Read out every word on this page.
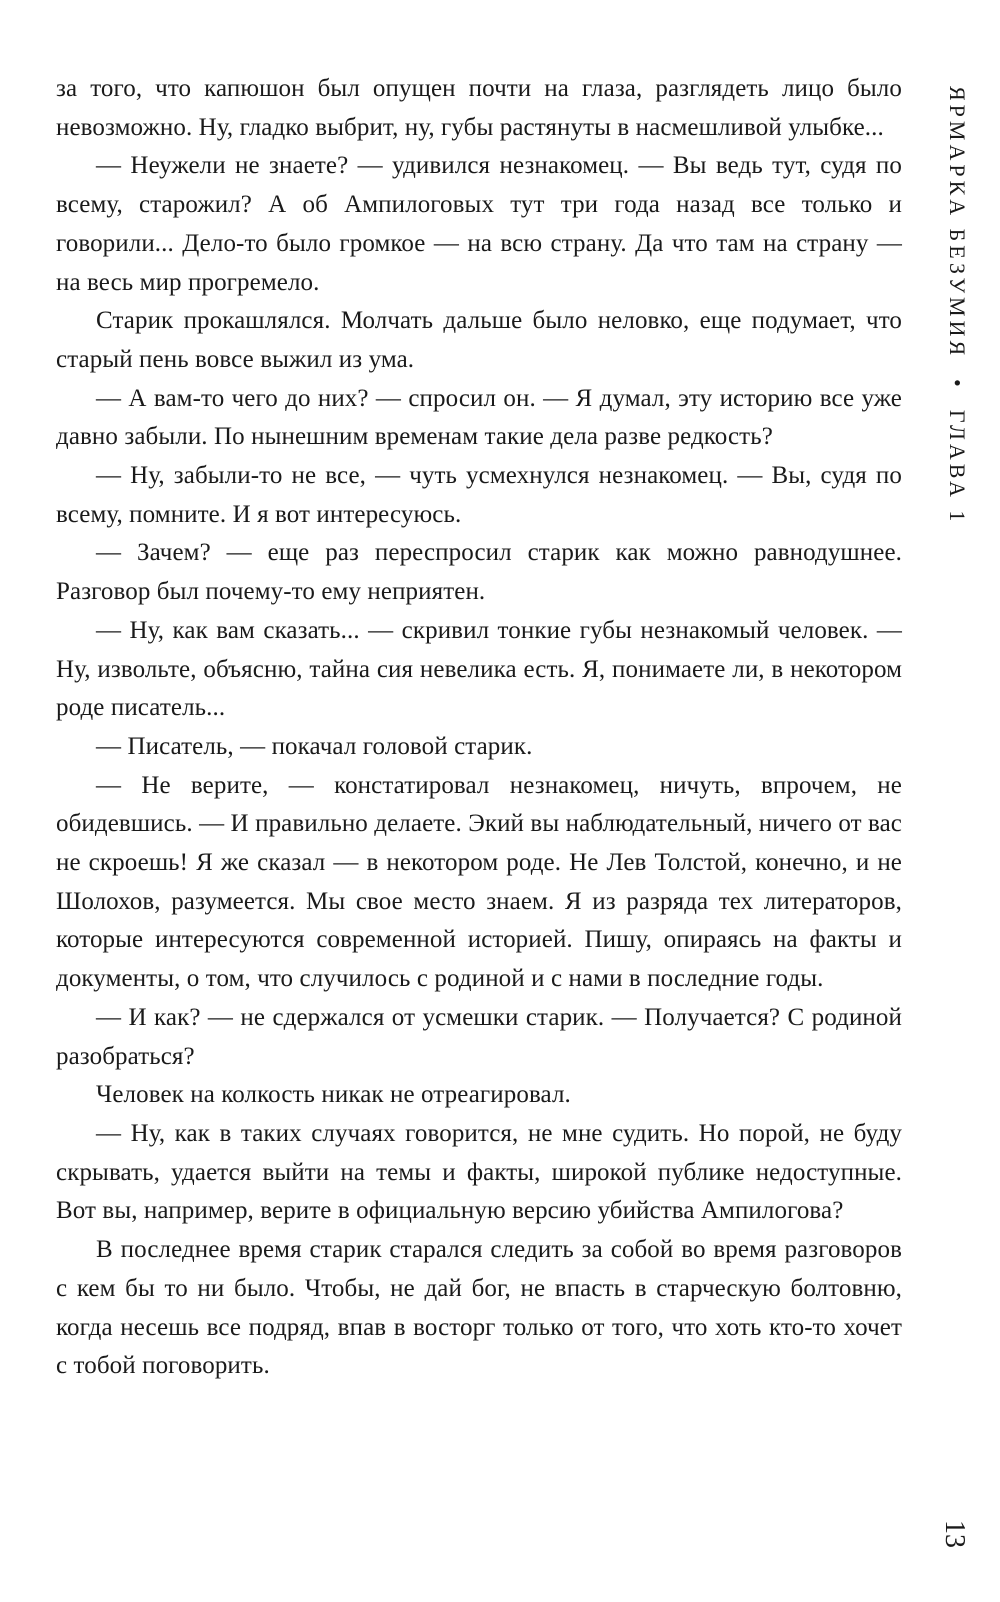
за того, что капюшон был опущен почти на глаза, разглядеть лицо было невозможно. Ну, гладко выбрит, ну, губы растянуты в насмешливой улыбке...

— Неужели не знаете? — удивился незнакомец. — Вы ведь тут, судя по всему, старожил? А об Ампилоговых тут три года назад все только и говорили... Дело-то было громкое — на всю страну. Да что там на страну — на весь мир прогремело.

Старик прокашлялся. Молчать дальше было неловко, еще подумает, что старый пень вовсе выжил из ума.

— А вам-то чего до них? — спросил он. — Я думал, эту историю все уже давно забыли. По нынешним временам такие дела разве редкость?

— Ну, забыли-то не все, — чуть усмехнулся незнакомец. — Вы, судя по всему, помните. И я вот интересуюсь.

— Зачем? — еще раз переспросил старик как можно равнодушнее. Разговор был почему-то ему неприятен.

— Ну, как вам сказать... — скривил тонкие губы незнакомый человек. — Ну, извольте, объясню, тайна сия невелика есть. Я, понимаете ли, в некотором роде писатель...

— Писатель, — покачал головой старик.

— Не верите, — констатировал незнакомец, ничуть, впрочем, не обидевшись. — И правильно делаете. Экий вы наблюдательный, ничего от вас не скроешь! Я же сказал — в некотором роде. Не Лев Толстой, конечно, и не Шолохов, разумеется. Мы свое место знаем. Я из разряда тех литераторов, которые интересуются современной историей. Пишу, опираясь на факты и документы, о том, что случилось с родиной и с нами в последние годы.

— И как? — не сдержался от усмешки старик. — Получается? С родиной разобраться?

Человек на колкость никак не отреагировал.

— Ну, как в таких случаях говорится, не мне судить. Но порой, не буду скрывать, удается выйти на темы и факты, широкой публике недоступные. Вот вы, например, верите в официальную версию убийства Ампилогова?

В последнее время старик старался следить за собой во время разговоров с кем бы то ни было. Чтобы, не дай бог, не впасть в старческую болтовню, когда несешь все подряд, впав в восторг только от того, что хоть кто-то хочет с тобой поговорить.

ЯРМАРКА БЕЗУМИЯ • ГЛАВА 1
13
